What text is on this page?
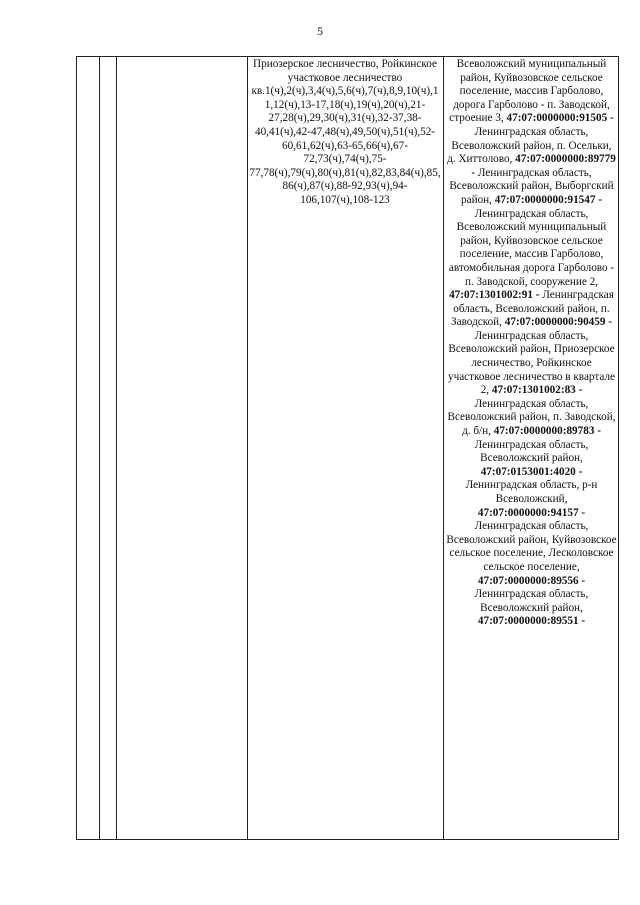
5
Приозерское лесничество, Ройкинское участковое лесничество кв.1(ч),2(ч),3,4(ч),5,6(ч),7(ч),8,9,10(ч),11,12(ч),13-17,18(ч),19(ч),20(ч),21-27,28(ч),29,30(ч),31(ч),32-37,38-40,41(ч),42-47,48(ч),49,50(ч),51(ч),52-60,61,62(ч),63-65,66(ч),67-72,73(ч),74(ч),75-77,78(ч),79(ч),80(ч),81(ч),82,83,84(ч),85,86(ч),87(ч),88-92,93(ч),94-106,107(ч),108-123
Всеволожский муниципальный район, Куйвозовское сельское поселение, массив Гарболово, дорога Гарболово - п. Заводской, строение 3, 47:07:0000000:91505 - Ленинградская область, Всеволожский район, п. Осельки, д. Хиттолово, 47:07:0000000:89779 - Ленинградская область, Всеволожский район, Выборгский район, 47:07:0000000:91547 - Ленинградская область, Всеволожский муниципальный район, Куйвозовское сельское поселение, массив Гарболово, автомобильная дорога Гарболово - п. Заводской, сооружение 2, 47:07:1301002:91 - Ленинградская область, Всеволожский район, п. Заводской, 47:07:0000000:90459 - Ленинградская область, Всеволожский район, Приозерское лесничество, Ройкинское участковое лесничество в квартале 2, 47:07:1301002:83 - Ленинградская область, Всеволожский район, п. Заводской, д. б/н, 47:07:0000000:89783 - Ленинградская область, Всеволожский район, 47:07:0153001:4020 - Ленинградская область, р-н Всеволожский, 47:07:0000000:94157 - Ленинградская область, Всеволожский район, Куйвозовское сельское поселение, Лесколовское сельское поселение, 47:07:0000000:89556 - Ленинградская область, Всеволожский район, 47:07:0000000:89551 -
